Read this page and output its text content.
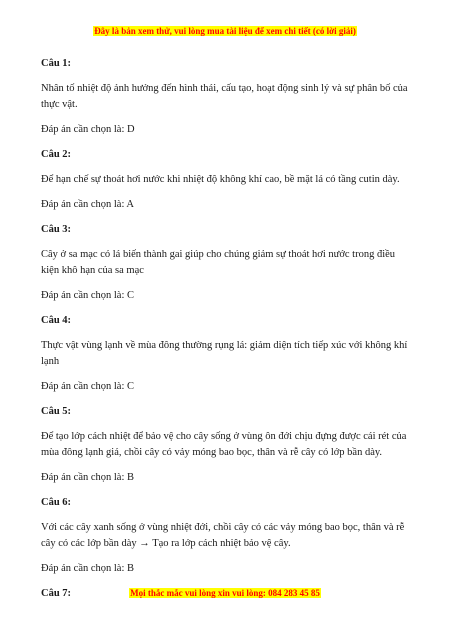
Đây là bản xem thử, vui lòng mua tài liệu để xem chi tiết (có lời giải)

Câu 1:

Nhân tố nhiệt độ ảnh hưởng đến hình thái, cấu tạo, hoạt động sinh lý và sự phân bố của thực vật.

Đáp án cần chọn là: D

Câu 2:

Để hạn chế sự thoát hơi nước khi nhiệt độ không khí cao, bề mặt lá có tầng cutin dày.

Đáp án cần chọn là: A

Câu 3:

Cây ở sa mạc có lá biến thành gai giúp cho chúng giảm sự thoát hơi nước trong điều kiện khô hạn của sa mạc

Đáp án cần chọn là: C

Câu 4:

Thực vật vùng lạnh về mùa đông thường rụng lá: giảm diện tích tiếp xúc với không khí lạnh

Đáp án cần chọn là: C

Câu 5:

Để tạo lớp cách nhiệt để bảo vệ cho cây sống ở vùng ôn đới chịu đựng được cái rét của mùa đông lạnh giá, chồi cây có vảy móng bao bọc, thân và rễ cây có lớp bần dày.

Đáp án cần chọn là: B

Câu 6:

Với các cây xanh sống ở vùng nhiệt đới, chồi cây có các vảy móng bao bọc, thân và rễ cây có các lớp bần dày → Tạo ra lớp cách nhiệt bảo vệ cây.

Đáp án cần chọn là: B

Câu 7:	Mọi thắc mắc vui lòng xin vui lòng: 084 283 45 85
